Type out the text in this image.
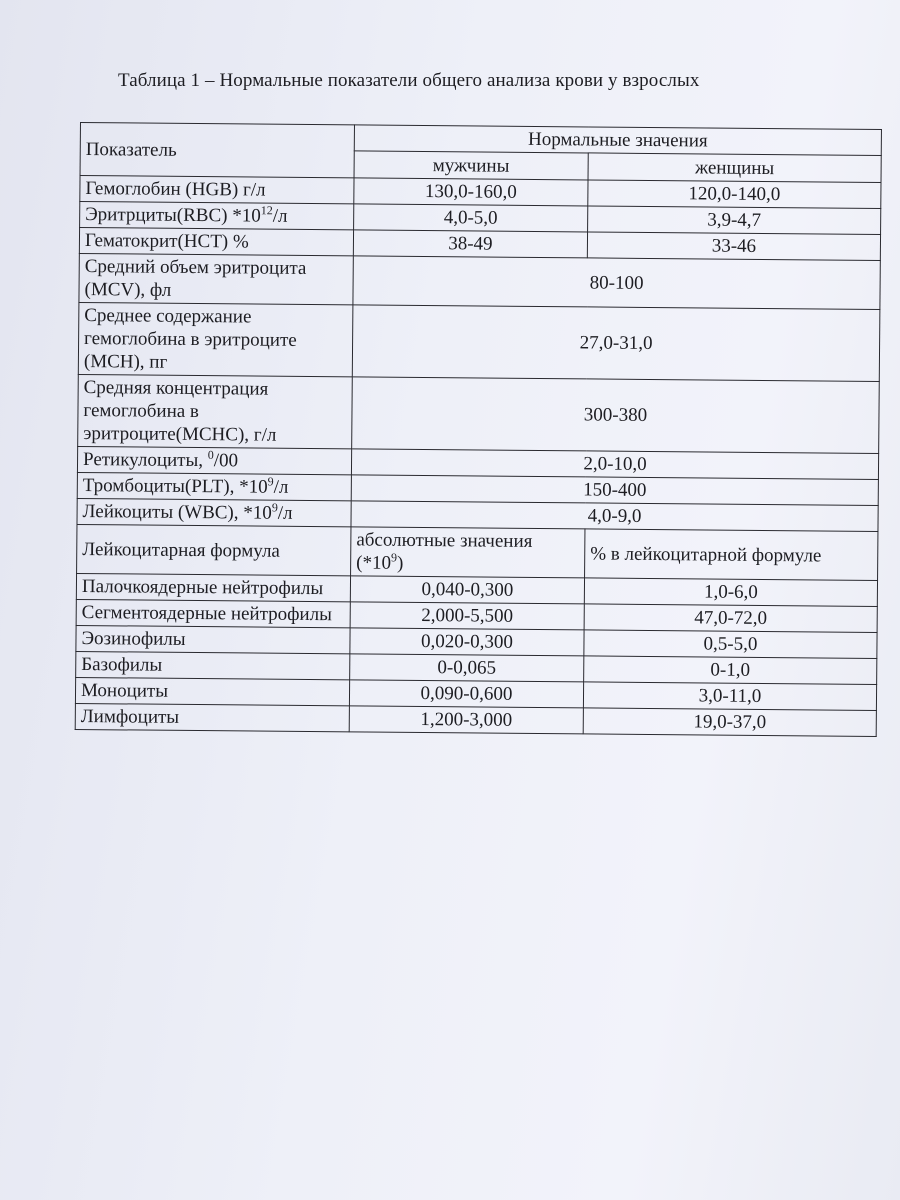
Таблица 1 – Нормальные показатели общего анализа крови у взрослых
Показатель	Нормальные значения	
	мужчины	женщины
Гемоглобин (HGB) г/л	130,0-160,0	120,0-140,0
Эритрциты(RBC) $*10^{12}/л$	4,0-5,0	3,9-4,7
Гематокрит(HCT) %	38-49	33-46
Средний объем эритроцита (MCV), фл	80-100	
Среднее содержание гемоглобина в эритроците (MCH), пг	27,0-31,0	
Средняя концентрация гемоглобина в эритроците(MCHC), г/л	300-380	
Ретикулоциты, $^0$/00	2,0-10,0	
Тромбоциты(PLT), $*10^9/л$	150-400	
Лейкоциты (WBC), $*10^9/л$	4,0-9,0	
Лейкоцитарная формула	абсолютные значения $(*10^9)$	% в лейкоцитарной формуле
Палочкоядерные нейтрофилы	0,040-0,300	1,0-6,0
Сегментоядерные нейтрофилы	2,000-5,500	47,0-72,0
Эозинофилы	0,020-0,300	0,5-5,0
Базофилы	0-0,065	0-1,0
Моноциты	0,090-0,600	3,0-11,0
Лимфоциты	1,200-3,000	19,0-37,0
